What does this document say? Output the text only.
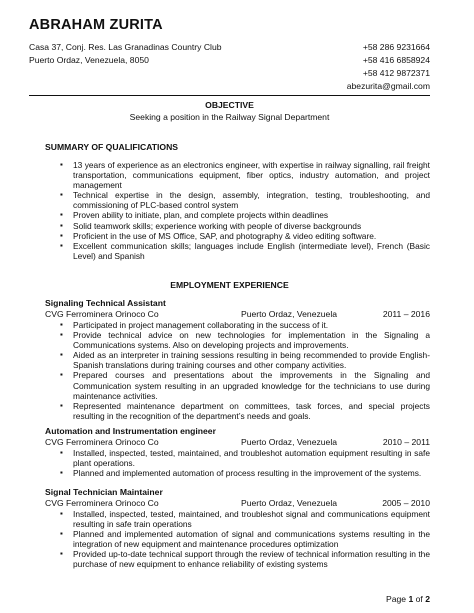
ABRAHAM ZURITA
Casa 37, Conj. Res. Las Granadinas Country Club
Puerto Ordaz, Venezuela, 8050
+58 286 9231664
+58 416 6858924
+58 412 9872371
abezurita@gmail.com
OBJECTIVE
Seeking a position in the Railway Signal Department
SUMMARY OF QUALIFICATIONS
▪ 13 years of experience as an electronics engineer, with expertise in railway signalling, rail freight transportation, communications equipment, fiber optics, industry automation, and project management
▪ Technical expertise in the design, assembly, integration, testing, troubleshooting, and commissioning of PLC-based control system
▪ Proven ability to initiate, plan, and complete projects within deadlines
▪ Solid teamwork skills; experience working with people of diverse backgrounds
▪ Proficient in the use of MS Office, SAP, and photography & video editing software.
▪ Excellent communication skills; languages include English (intermediate level), French (Basic Level) and Spanish
EMPLOYMENT EXPERIENCE
Signaling Technical Assistant
CVG Ferrominera Orinoco Co	Puerto Ordaz, Venezuela	2011 – 2016
▪ Participated in project management collaborating in the success of it.
▪ Provide technical advice on new technologies for implementation in the Signaling a Communications systems. Also on developing projects and improvements.
▪ Aided as an interpreter in training sessions resulting in being recommended to provide English-Spanish translations during training courses and other company activities.
▪ Prepared courses and presentations about the improvements in the Signaling and Communication system resulting in an upgraded knowledge for the technicians to use during maintenance activities.
▪ Represented maintenance department on committees, task forces, and special projects resulting in the recognition of the department’s needs and goals.
Automation and Instrumentation engineer
CVG Ferrominera Orinoco Co	Puerto Ordaz, Venezuela	2010 – 2011
▪ Installed, inspected, tested, maintained, and troubleshot automation equipment resulting in safe plant operations.
▪ Planned and implemented automation of process resulting in the improvement of the systems.
Signal Technician Maintainer
CVG Ferrominera Orinoco Co	Puerto Ordaz, Venezuela	2005 – 2010
▪ Installed, inspected, tested, maintained, and troubleshot signal and communications equipment resulting in safe train operations
▪ Planned and implemented automation of signal and communications systems resulting in the integration of new equipment and maintenance procedures optimization
▪ Provided up-to-date technical support through the review of technical information resulting in the purchase of new equipment to enhance reliability of existing systems
Page 1 of 2
